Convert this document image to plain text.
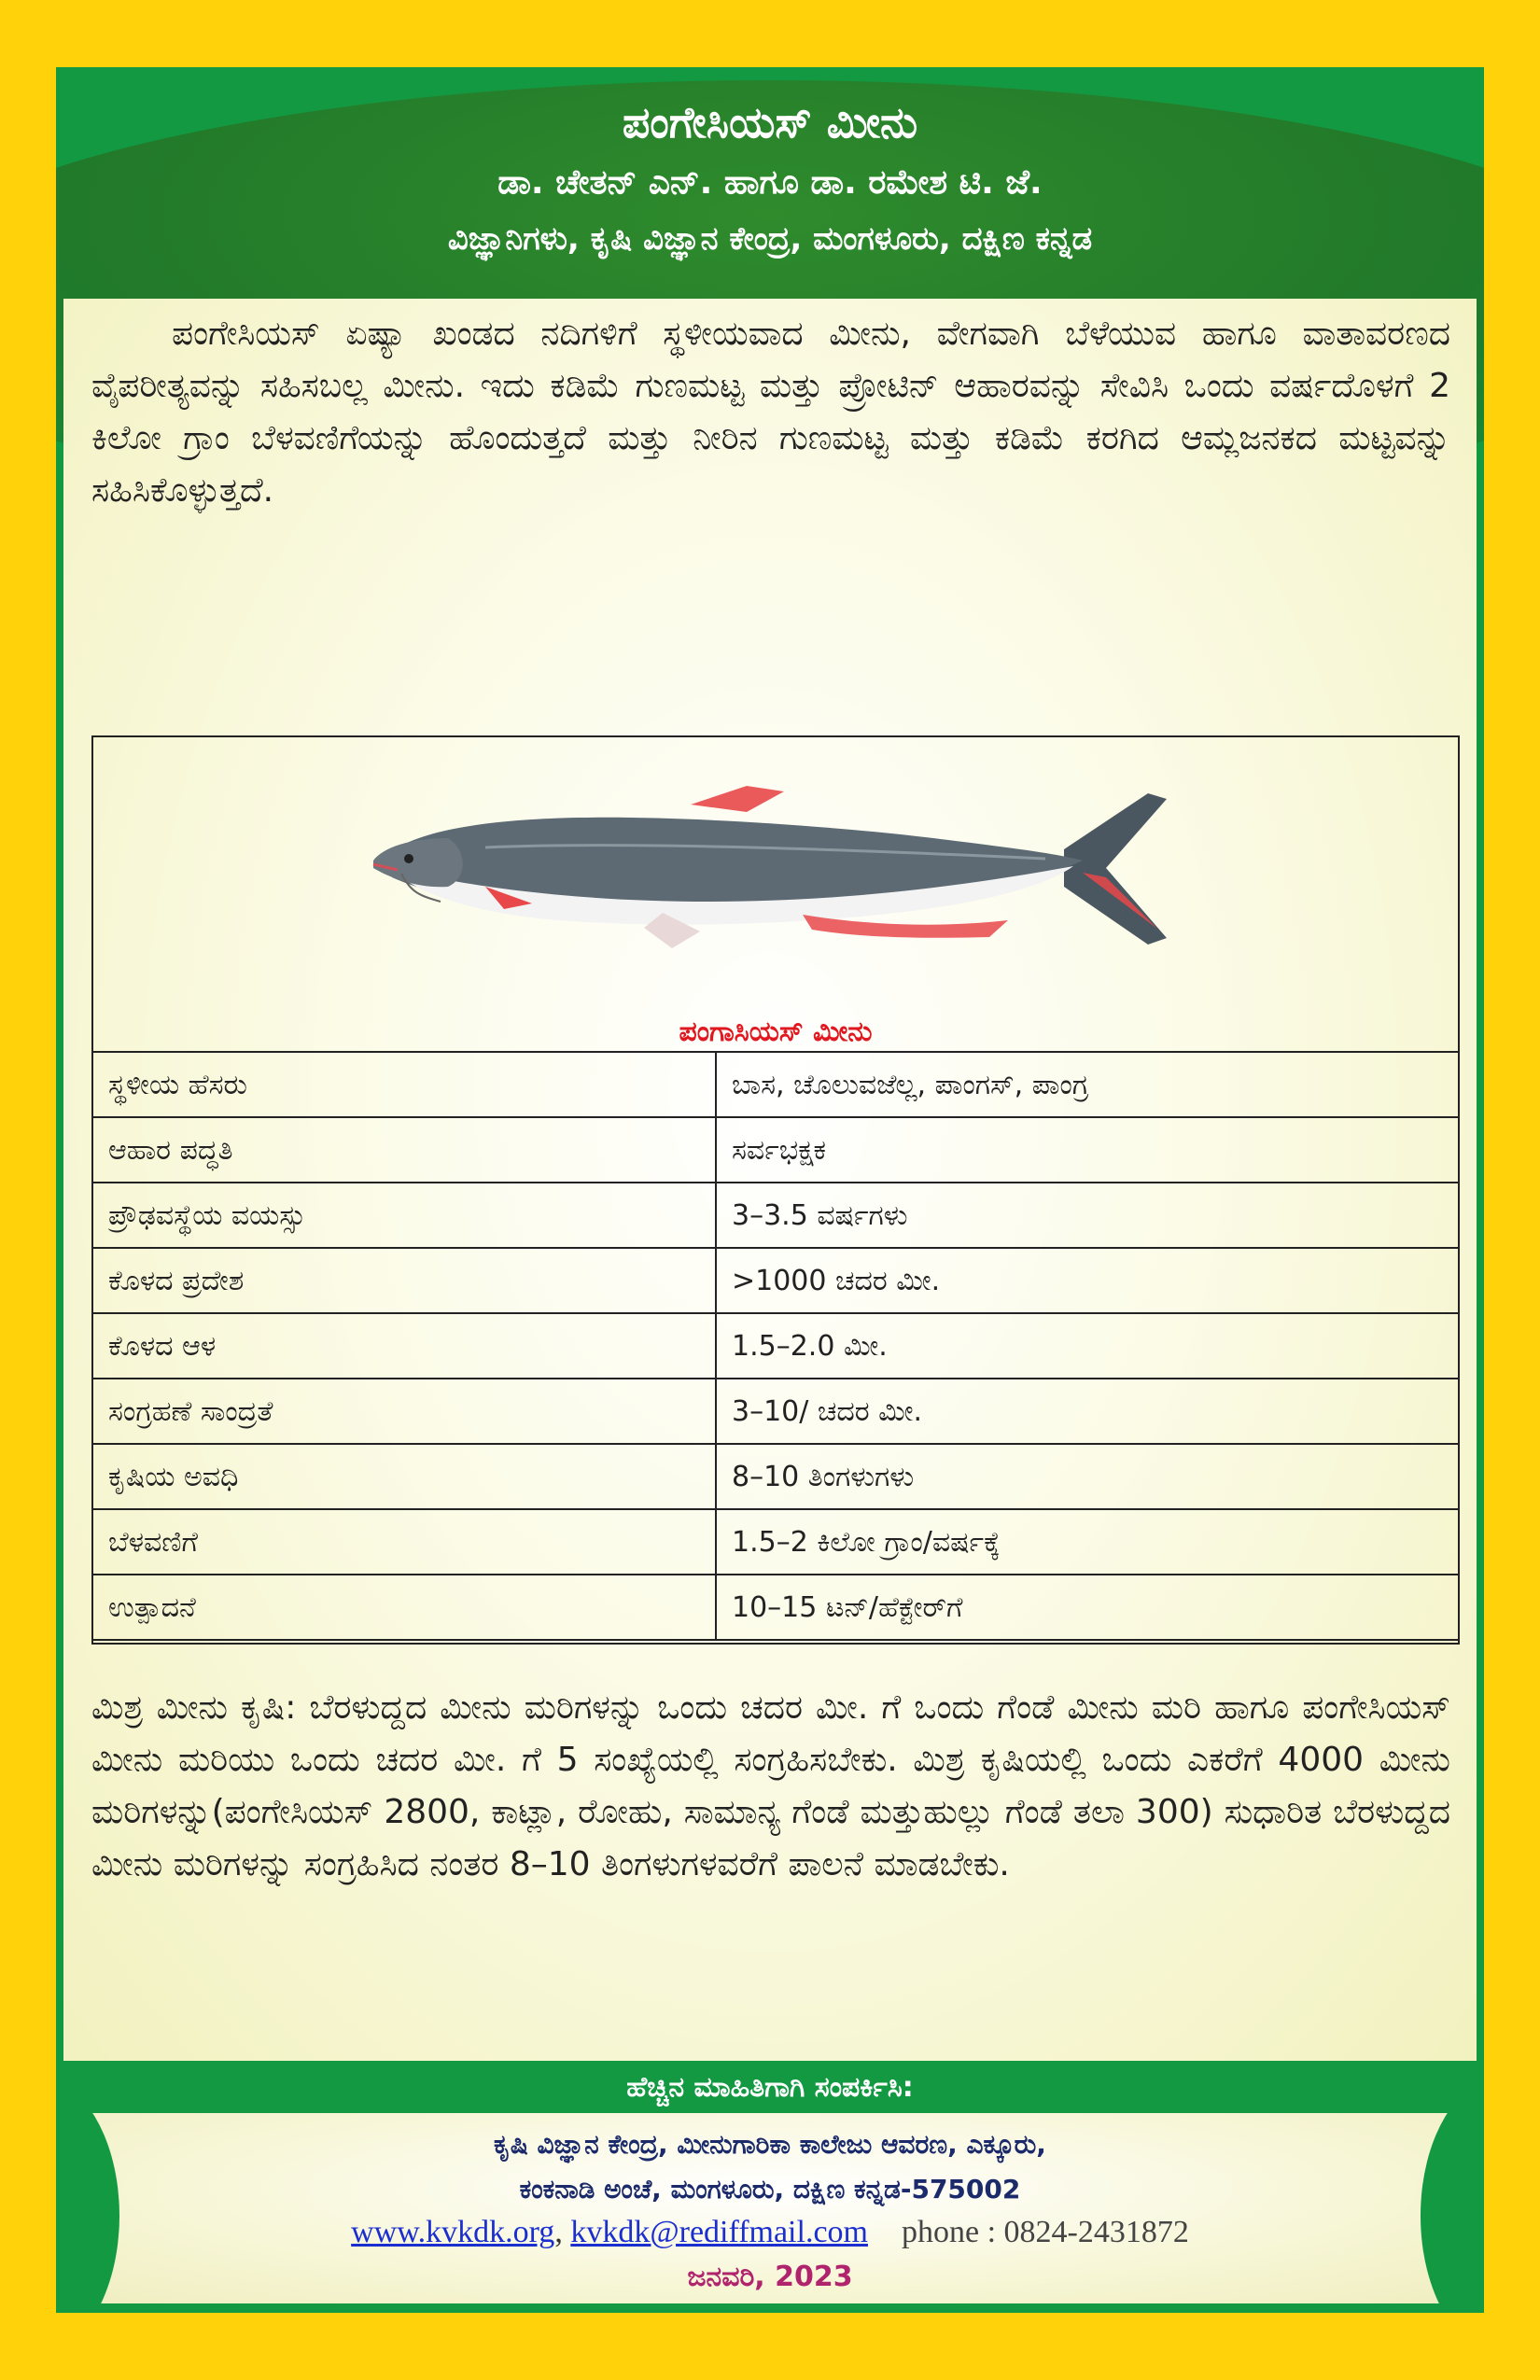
ಪಂಗೇಸಿಯಸ್ ಮೀನು
ಡಾ. ಚೇತನ್ ಎನ್. ಹಾಗೂ ಡಾ. ರಮೇಶ ಟಿ. ಜೆ.
ವಿಜ್ಞಾನಿಗಳು, ಕೃಷಿ ವಿಜ್ಞಾನ ಕೇಂದ್ರ, ಮಂಗಳೂರು, ದಕ್ಷಿಣ ಕನ್ನಡ
ಪಂಗೇಸಿಯಸ್ ಏಷ್ಯಾ ಖಂಡದ ನದಿಗಳಿಗೆ ಸ್ಥಳೀಯವಾದ ಮೀನು, ವೇಗವಾಗಿ ಬೆಳೆಯುವ ಹಾಗೂ ವಾತಾವರಣದ ವೈಪರೀತ್ಯವನ್ನು ಸಹಿಸಬಲ್ಲ ಮೀನು. ಇದು ಕಡಿಮೆ ಗುಣಮಟ್ಟ ಮತ್ತು ಪ್ರೋಟಿನ್ ಆಹಾರವನ್ನು ಸೇವಿಸಿ ಒಂದು ವರ್ಷದೊಳಗೆ 2 ಕಿಲೋ ಗ್ರಾಂ ಬೆಳವಣಿಗೆಯನ್ನು ಹೊಂದುತ್ತದೆ ಮತ್ತು ನೀರಿನ ಗುಣಮಟ್ಟ ಮತ್ತು ಕಡಿಮೆ ಕರಗಿದ ಆಮ್ಲಜನಕದ ಮಟ್ಟವನ್ನು ಸಹಿಸಿಕೊಳ್ಳುತ್ತದೆ.
ಪಂಗಾಸಿಯಸ್ ಮೀನು
ಸ್ಥಳೀಯ ಹೆಸರು	ಬಾಸ, ಚೊಲುವಜೆಲ್ಲ, ಪಾಂಗಸ್, ಪಾಂಗ್ರ
ಆಹಾರ ಪದ್ಧತಿ	ಸರ್ವಭಕ್ಷಕ
ಪ್ರೌಢವಸ್ಥೆಯ ವಯಸ್ಸು	3–3.5 ವರ್ಷಗಳು
ಕೊಳದ ಪ್ರದೇಶ	>1000 ಚದರ ಮೀ.
ಕೊಳದ ಆಳ	1.5–2.0 ಮೀ.
ಸಂಗ್ರಹಣೆ ಸಾಂದ್ರತೆ	3–10/ ಚದರ ಮೀ.
ಕೃಷಿಯ ಅವಧಿ	8–10 ತಿಂಗಳುಗಳು
ಬೆಳವಣಿಗೆ	1.5–2 ಕಿಲೋ ಗ್ರಾಂ/ವರ್ಷಕ್ಕೆ
ಉತ್ಪಾದನೆ	10–15 ಟನ್/ಹೆಕ್ಟೇರ್‌ಗೆ
ಮಿಶ್ರ ಮೀನು ಕೃಷಿ: ಬೆರಳುದ್ದದ ಮೀನು ಮರಿಗಳನ್ನು ಒಂದು ಚದರ ಮೀ. ಗೆ ಒಂದು ಗೆಂಡೆ ಮೀನು ಮರಿ ಹಾಗೂ ಪಂಗೇಸಿಯಸ್ ಮೀನು ಮರಿಯು ಒಂದು ಚದರ ಮೀ. ಗೆ 5 ಸಂಖ್ಯೆಯಲ್ಲಿ ಸಂಗ್ರಹಿಸಬೇಕು. ಮಿಶ್ರ ಕೃಷಿಯಲ್ಲಿ ಒಂದು ಎಕರೆಗೆ 4000 ಮೀನು ಮರಿಗಳನ್ನು(ಪಂಗೇಸಿಯಸ್ 2800, ಕಾಟ್ಲಾ, ರೋಹು, ಸಾಮಾನ್ಯ ಗೆಂಡೆ ಮತ್ತುಹುಲ್ಲು ಗೆಂಡೆ ತಲಾ 300) ಸುಧಾರಿತ ಬೆರಳುದ್ದದ ಮೀನು ಮರಿಗಳನ್ನು ಸಂಗ್ರಹಿಸಿದ ನಂತರ 8–10 ತಿಂಗಳುಗಳವರೆಗೆ ಪಾಲನೆ ಮಾಡಬೇಕು.
ಹೆಚ್ಚಿನ ಮಾಹಿತಿಗಾಗಿ ಸಂಪರ್ಕಿಸಿ:
ಕೃಷಿ ವಿಜ್ಞಾನ ಕೇಂದ್ರ, ಮೀನುಗಾರಿಕಾ ಕಾಲೇಜು ಆವರಣ, ಎಕ್ಕೂರು,
ಕಂಕನಾಡಿ ಅಂಚೆ, ಮಂಗಳೂರು, ದಕ್ಷಿಣ ಕನ್ನಡ-575002
www.kvkdk.org, kvkdk@rediffmail.com phone : 0824-2431872
ಜನವರಿ, 2023
